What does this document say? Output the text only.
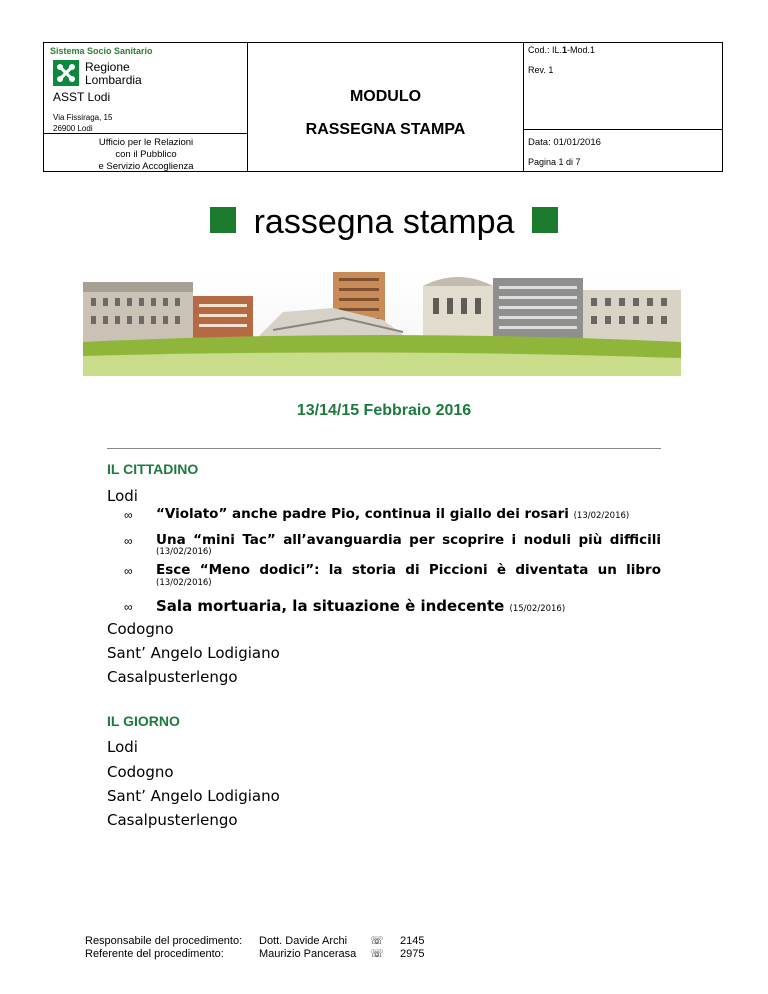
Sistema Socio Sanitario
Regione
Lombardia
ASST Lodi
Via Fissiraga, 15
26900 Lodi
Ufficio per le Relazioni
con il Pubblico
e Servizio Accoglienza
MODULO
RASSEGNA STAMPA
Cod.: IL.1-Mod.1
Rev. 1
Data: 01/01/2016
Pagina 1 di 7
rassegna stampa
13/14/15 Febbraio 2016
IL CITTADINO
Lodi
∞ “Violato” anche padre Pio, continua il giallo dei rosari (13/02/2016)
∞ Una “mini Tac” all’avanguardia per scoprire i noduli più difficili
(13/02/2016)
∞ Esce “Meno dodici”: la storia di Piccioni è diventata un libro
(13/02/2016)
∞ Sala mortuaria, la situazione è indecente (15/02/2016)
Codogno
Sant’ Angelo Lodigiano
Casalpusterlengo
IL GIORNO
Lodi
Codogno
Sant’ Angelo Lodigiano
Casalpusterlengo
Responsabile del procedimento:
Referente del procedimento:
Dott. Davide Archi
Maurizio Pancerasa
☏
☏
2145
2975
